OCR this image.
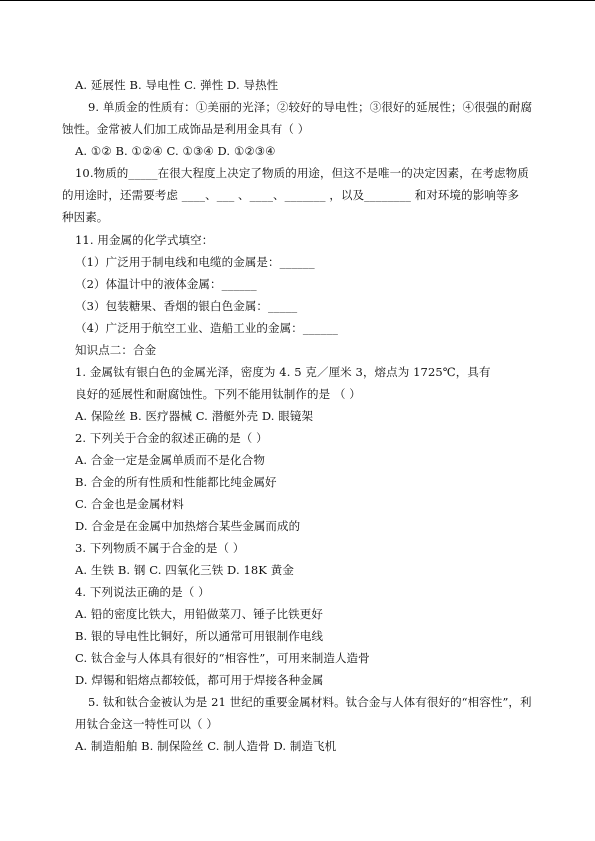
A. 延展性 B. 导电性 C. 弹性 D. 导热性
9. 单质金的性质有：①美丽的光泽；②较好的导电性；③很好的延展性；④很强的耐腐
蚀性。金常被人们加工成饰品是利用金具有（ ）
A. ①② B. ①②④ C. ①③④ D. ①②③④
10.物质的_____在很大程度上决定了物质的用途，但这不是唯一的决定因素，在考虑物质
的用途时，还需要考虑 ____、___ 、____、_______ ，以及________ 和对环境的影响等多
种因素。
11. 用金属的化学式填空：
（1）广泛用于制电线和电缆的金属是：______
（2）体温计中的液体金属：______
（3）包装糖果、香烟的银白色金属：_____
（4）广泛用于航空工业、造船工业的金属：______
知识点二：合金
1. 金属钛有银白色的金属光泽，密度为 4. 5 克／厘米 3，熔点为 1725℃，具有
良好的延展性和耐腐蚀性。下列不能用钛制作的是 （ ）
A. 保险丝 B. 医疗器械 C. 潜艇外壳 D. 眼镜架
2. 下列关于合金的叙述正确的是（ ）
A. 合金一定是金属单质而不是化合物
B. 合金的所有性质和性能都比纯金属好
C. 合金也是金属材料
D. 合金是在金属中加热熔合某些金属而成的
3. 下列物质不属于合金的是（ ）
A. 生铁 B. 钢 C. 四氧化三铁 D. 18K 黄金
4. 下列说法正确的是（ ）
A. 铅的密度比铁大，用铅做菜刀、锤子比铁更好
B. 银的导电性比铜好，所以通常可用银制作电线
C. 钛合金与人体具有很好的“相容性”，可用来制造人造骨
D. 焊锡和铝熔点都较低，都可用于焊接各种金属
5. 钛和钛合金被认为是 21 世纪的重要金属材料。钛合金与人体有很好的“相容性”，利
用钛合金这一特性可以（ ）
A. 制造船舶 B. 制保险丝 C. 制人造骨 D. 制造飞机
